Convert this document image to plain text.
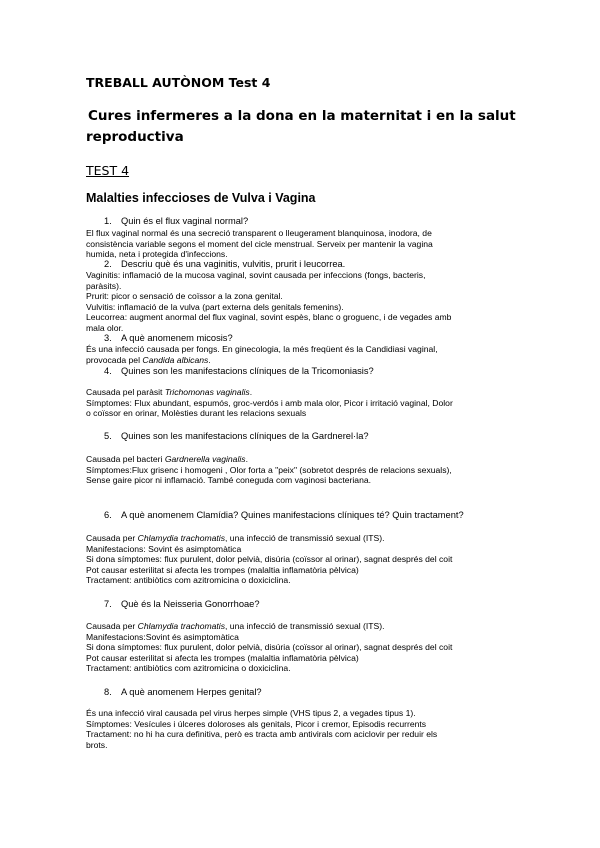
TREBALL AUTÒNOM Test 4
Cures infermeres a la dona en la maternitat i en la salut
reproductiva
TEST 4
Malalties infeccioses de Vulva i Vagina
1. Quin és el flux vaginal normal?
El flux vaginal normal és una secreció transparent o lleugerament blanquinosa, inodora, de
consistència variable segons el moment del cicle menstrual. Serveix per mantenir la vagina
humida, neta i protegida d'infeccions.
2. Descriu què és una vaginitis, vulvitis, prurit i leucorrea.
Vaginitis: inflamació de la mucosa vaginal, sovint causada per infeccions (fongs, bacteris,
paràsits).
Prurit: picor o sensació de coïssor a la zona genital.
Vulvitis: inflamació de la vulva (part externa dels genitals femenins).
Leucorrea: augment anormal del flux vaginal, sovint espès, blanc o groguenc, i de vegades amb
mala olor.
3. A què anomenem micosis?
És una infecció causada per fongs. En ginecologia, la més freqüent és la Candidiasi vaginal,
provocada pel Candida albicans.
4. Quines son les manifestacions clíniques de la Tricomoniasis?
Causada pel paràsit Trichomonas vaginalis.
Símptomes: Flux abundant, espumós, groc-verdós i amb mala olor, Picor i irritació vaginal, Dolor
o coïssor en orinar, Molèsties durant les relacions sexuals
5. Quines son les manifestacions clíniques de la Gardnerel·la?
Causada pel bacteri Gardnerella vaginalis.
Símptomes:Flux grisenc i homogeni , Olor forta a "peix" (sobretot després de relacions sexuals),
Sense gaire picor ni inflamació. També coneguda com vaginosi bacteriana.
6. A què anomenem Clamídia? Quines manifestacions clíniques té? Quin tractament?
Causada per Chlamydia trachomatis, una infecció de transmissió sexual (ITS).
Manifestacions: Sovint és asimptomàtica
Si dona símptomes: flux purulent, dolor pelvià, disúria (coïssor al orinar), sagnat després del coit
Pot causar esterilitat si afecta les trompes (malaltia inflamatòria pèlvica)
Tractament: antibiòtics com azitromicina o doxiciclina.
7. Què és la Neisseria Gonorrhoae?
Causada per Chlamydia trachomatis, una infecció de transmissió sexual (ITS).
Manifestacions:Sovint és asimptomàtica
Si dona símptomes: flux purulent, dolor pelvià, disúria (coïssor al orinar), sagnat després del coit
Pot causar esterilitat si afecta les trompes (malaltia inflamatòria pèlvica)
Tractament: antibiòtics com azitromicina o doxiciclina.
8. A què anomenem Herpes genital?
És una infecció viral causada pel virus herpes simple (VHS tipus 2, a vegades tipus 1).
Símptomes: Vesícules i úlceres doloroses als genitals, Picor i cremor, Episodis recurrents
Tractament: no hi ha cura definitiva, però es tracta amb antivirals com aciclovir per reduir els
brots.
